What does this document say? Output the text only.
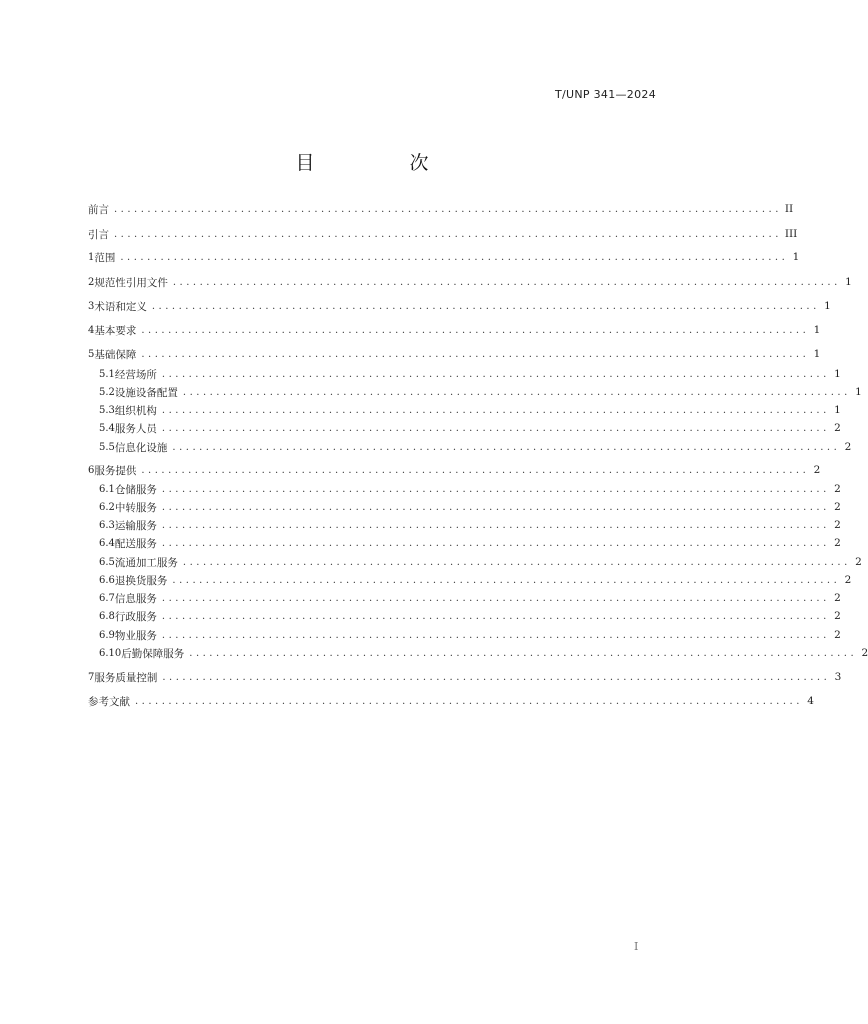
T/UNP 341—2024
目　次
前言 .................................................................................................... II
引言 .................................................................................................... III
1 范围 .................................................................................................... 1
2 规范性引用文件 .................................................................................................... 1
3 术语和定义 .................................................................................................... 1
4 基本要求 .................................................................................................... 1
5 基础保障 .................................................................................................... 1
5.1 经营场所 .................................................................................................... 1
5.2 设施设备配置 .................................................................................................... 1
5.3 组织机构 .................................................................................................... 1
5.4 服务人员 .................................................................................................... 2
5.5 信息化设施 .................................................................................................... 2
6 服务提供 .................................................................................................... 2
6.1 仓储服务 .................................................................................................... 2
6.2 中转服务 .................................................................................................... 2
6.3 运输服务 .................................................................................................... 2
6.4 配送服务 .................................................................................................... 2
6.5 流通加工服务 .................................................................................................... 2
6.6 退换货服务 .................................................................................................... 2
6.7 信息服务 .................................................................................................... 2
6.8 行政服务 .................................................................................................... 2
6.9 物业服务 .................................................................................................... 2
6.10 后勤保障服务 .................................................................................................... 2
7 服务质量控制 .................................................................................................... 3
参考文献 .................................................................................................... 4
I
